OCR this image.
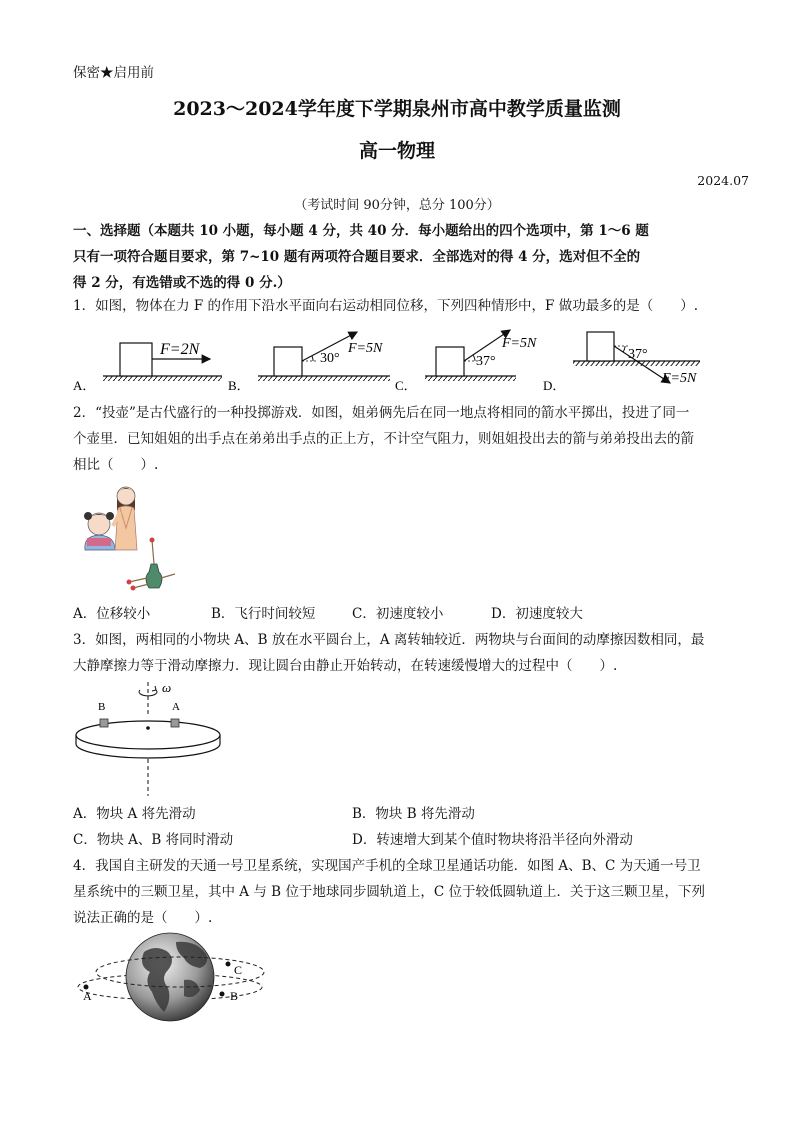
保密★启用前
2023～2024学年度下学期泉州市高中教学质量监测
高一物理
2024.07
（考试时间 90分钟，总分 100分）
一、选择题（本题共 10 小题，每小题 4 分，共 40 分．每小题给出的四个选项中，第 1～6 题
只有一项符合题目要求，第 7~10 题有两项符合题目要求．全部选对的得 4 分，选对但不全的
得 2 分，有选错或不选的得 0 分.）
1．如图，物体在力 F 的作用下沿水平面向右运动相同位移，下列四种情形中，F 做功最多的是（　　）.
A．
F=2N
B．
F=5N
30°
C．
F=5N
37°
D．
37°
F=5N
2．“投壶”是古代盛行的一种投掷游戏．如图，姐弟俩先后在同一地点将相同的箭水平掷出，投进了同一
个壶里．已知姐姐的出手点在弟弟出手点的正上方，不计空气阻力，则姐姐投出去的箭与弟弟投出去的箭
相比（　　）.
A．位移较小	B．飞行时间较短	C．初速度较小	D．初速度较大
3．如图，两相同的小物块 A、B 放在水平圆台上，A 离转轴较近．两物块与台面间的动摩擦因数相同，最
大静摩擦力等于滑动摩擦力．现让圆台由静止开始转动，在转速缓慢增大的过程中（　　）.
ω
B	A
A．物块 A 将先滑动	B．物块 B 将先滑动
C．物块 A、B 将同时滑动	D．转速增大到某个值时物块将沿半径向外滑动
4．我国自主研发的天通一号卫星系统，实现国产手机的全球卫星通话功能．如图 A、B、C 为天通一号卫
星系统中的三颗卫星，其中 A 与 B 位于地球同步圆轨道上，C 位于较低圆轨道上．关于这三颗卫星，下列
说法正确的是（　　）.
A	B
C
